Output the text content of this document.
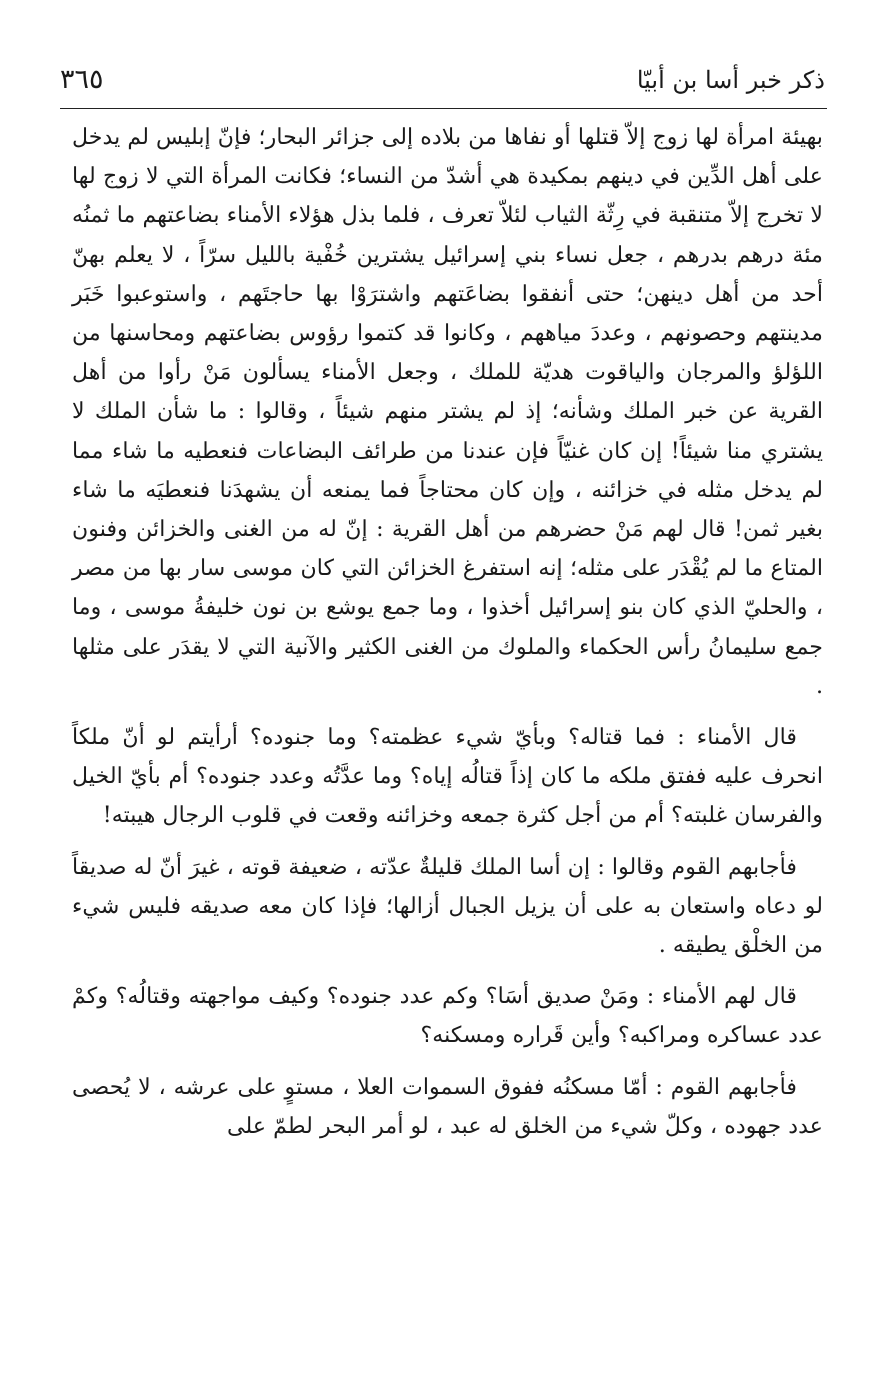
ذكر خبر أسا بن أبيّا
٣٦٥

بهيئة امرأة لها زوج إلاّ قتلها أو نفاها من بلاده إلى جزائر البحار؛ فإنّ إبليس لم يدخل على أهل الدِّين في دينهم بمكيدة هي أشدّ من النساء؛ فكانت المرأة التي لا زوج لها لا تخرج إلاّ متنقبة في رِثّة الثياب لئلاّ تعرف ، فلما بذل هؤلاء الأمناء بضاعتهم ما ثمنُه مئة درهم بدرهم ، جعل نساء بني إسرائيل يشترين خُفْية بالليل سرّاً ، لا يعلم بهنّ أحد من أهل دينهن؛ حتى أنفقوا بضاعَتهم واشترَوْا بها حاجتَهم ، واستوعبوا خَبَر مدينتهم وحصونهم ، وعددَ مياههم ، وكانوا قد كتموا رؤوس بضاعتهم ومحاسنها من اللؤلؤ والمرجان والياقوت هديّة للملك ، وجعل الأمناء يسألون مَنْ رأوا من أهل القرية عن خبر الملك وشأنه؛ إذ لم يشتر منهم شيئاً ، وقالوا : ما شأن الملك لا يشتري منا شيئاً! إن كان غنيّاً فإن عندنا من طرائف البضاعات فنعطيه ما شاء مما لم يدخل مثله في خزائنه ، وإن كان محتاجاً فما يمنعه أن يشهدَنا فنعطيَه ما شاء بغير ثمن! قال لهم مَنْ حضرهم من أهل القرية : إنّ له من الغنى والخزائن وفنون المتاع ما لم يُقْدَر على مثله؛ إنه استفرغ الخزائن التي كان موسى سار بها من مصر ، والحليّ الذي كان بنو إسرائيل أخذوا ، وما جمع يوشع بن نون خليفةُ موسى ، وما جمع سليمانُ رأس الحكماء والملوك من الغنى الكثير والآنية التي لا يقدَر على مثلها .

قال الأمناء : فما قتاله؟ وبأيّ شيء عظمته؟ وما جنوده؟ أرأيتم لو أنّ ملكاً انحرف عليه ففتق ملكه ما كان إذاً قتالُه إياه؟ وما عدَّتُه وعدد جنوده؟ أم بأيّ الخيل والفرسان غلبته؟ أم من أجل كثرة جمعه وخزائنه وقعت في قلوب الرجال هيبته!

فأجابهم القوم وقالوا : إن أسا الملك قليلةٌ عدّته ، ضعيفة قوته ، غيرَ أنّ له صديقاً لو دعاه واستعان به على أن يزيل الجبال أزالها؛ فإذا كان معه صديقه فليس شيء من الخلْق يطيقه .

قال لهم الأمناء : ومَنْ صديق أسَا؟ وكم عدد جنوده؟ وكيف مواجهته وقتالُه؟ وكمْ عدد عساكره ومراكبه؟ وأين قَراره ومسكنه؟

فأجابهم القوم : أمّا مسكنُه ففوق السموات العلا ، مستوٍ على عرشه ، لا يُحصى عدد جهوده ، وكلّ شيء من الخلق له عبد ، لو أمر البحر لطمّ على
